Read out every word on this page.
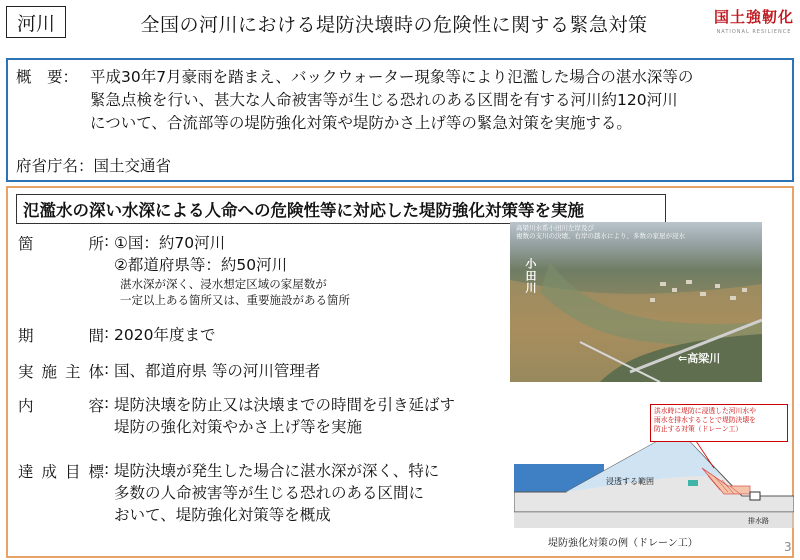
河川	全国の河川における堤防決壊時の危険性に関する緊急対策	国土強靭化
NATIONAL RESILIENCE
概　要： 平成30年7月豪雨を踏まえ、バックウォーター現象等により氾濫した場合の湛水深等の
緊急点検を行い、甚大な人命被害等が生じる恐れのある区間を有する河川約120河川
について、合流部等の堤防強化対策や堤防かさ上げ等の緊急対策を実施する。
府省庁名：国土交通省
氾濫水の深い水深による人命への危険性等に対応した堤防強化対策等を実施
箇所 : ①国：約70河川
②都道府県等：約50河川
湛水深が深く、浸水想定区域の家屋数が
一定以上ある箇所又は、重要施設がある箇所
期間 : 2020年度まで
実施主体 : 国、都道府県 等の河川管理者
内容 : 堤防決壊を防止又は決壊までの時間を引き延ばす
堤防の強化対策やかさ上げ等を実施
達成目標 : 堤防決壊が発生した場合に湛水深が深く、特に
多数の人命被害等が生じる恐れのある区間に
おいて、堤防強化対策等を概成
高梁川水系小田川左岸及び
複数の支川の決壊、右岸の越水により、多数の家屋が浸水
小田川
⇐高梁川
洪水時に堤防に浸透した河川水や
雨水を排水することで堤防決壊を
防止する対策（ドレーン工）
浸透する範囲
排水路
堤防強化対策の例（ドレーン工）	3
